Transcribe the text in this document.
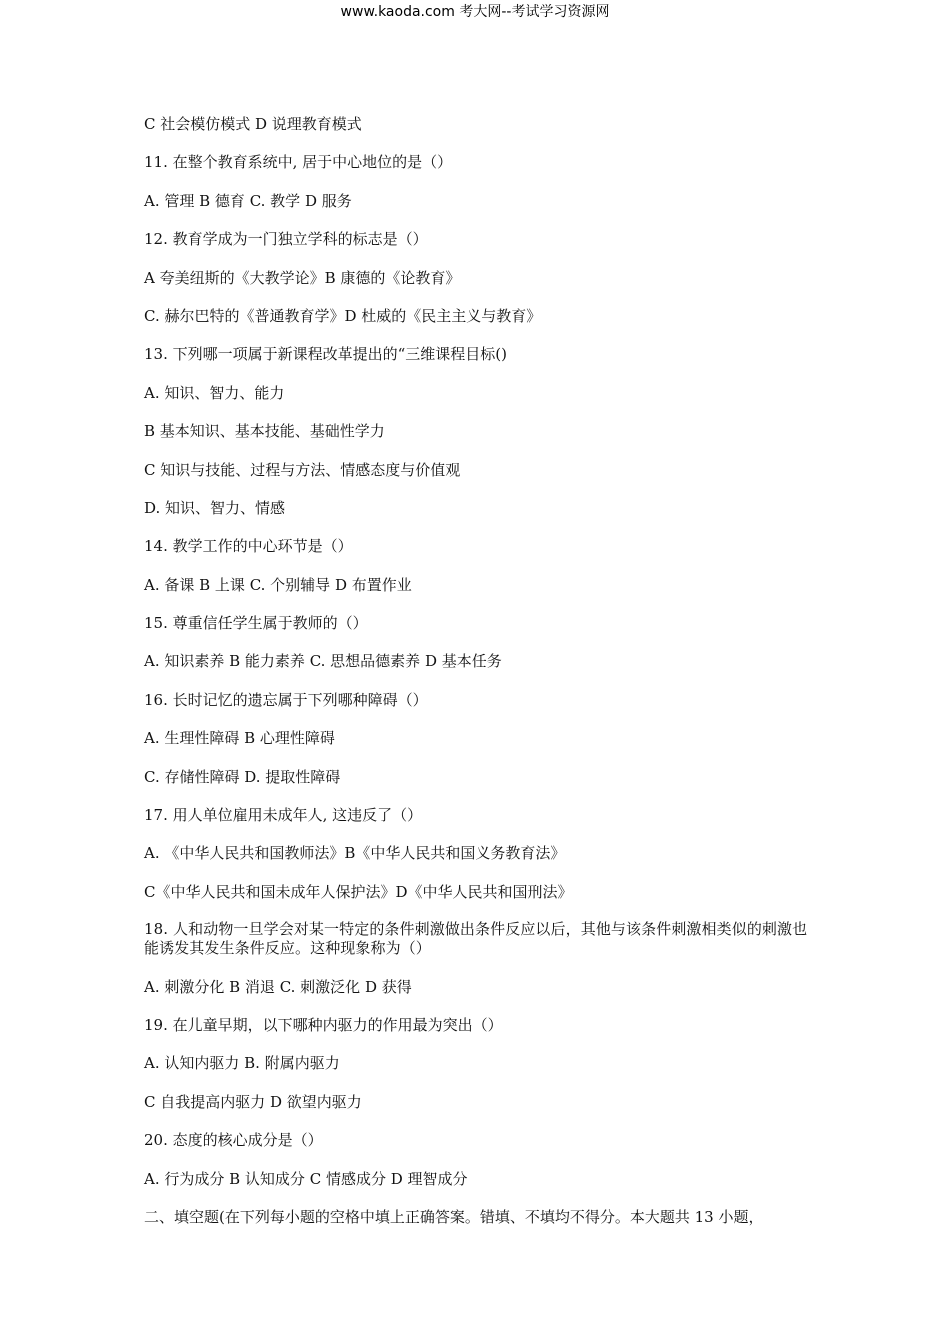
www.kaoda.com 考大网--考试学习资源网
C 社会模仿模式 D 说理教育模式
11. 在整个教育系统中, 居于中心地位的是（）
A. 管理 B 德育 C. 教学 D 服务
12. 教育学成为一门独立学科的标志是（）
A 夸美纽斯的《大教学论》B 康德的《论教育》
C. 赫尔巴特的《普通教育学》D 杜威的《民主主义与教育》
13. 下列哪一项属于新课程改革提出的“三维课程目标()
A. 知识、智力、能力
B 基本知识、基本技能、基础性学力
C 知识与技能、过程与方法、情感态度与价值观
D. 知识、智力、情感
14. 教学工作的中心环节是（）
A. 备课 B 上课 C. 个别辅导 D 布置作业
15. 尊重信任学生属于教师的（）
A. 知识素养 B 能力素养 C. 思想品德素养 D 基本任务
16. 长时记忆的遗忘属于下列哪种障碍（）
A. 生理性障碍 B 心理性障碍
C. 存储性障碍 D. 提取性障碍
17. 用人单位雇用未成年人, 这违反了（）
A. 《中华人民共和国教师法》B《中华人民共和国义务教育法》
C《中华人民共和国未成年人保护法》D《中华人民共和国刑法》
18. 人和动物一旦学会对某一特定的条件刺激做出条件反应以后，其他与该条件刺激相类似的刺激也能诱发其发生条件反应。这种现象称为（）
A. 刺激分化 B 消退 C. 刺激泛化 D 获得
19. 在儿童早期，以下哪种内驱力的作用最为突出（）
A. 认知内驱力 B. 附属内驱力
C 自我提高内驱力 D 欲望内驱力
20. 态度的核心成分是（）
A. 行为成分 B 认知成分 C 情感成分 D 理智成分
二、填空题(在下列每小题的空格中填上正确答案。错填、不填均不得分。本大题共 13 小题，
